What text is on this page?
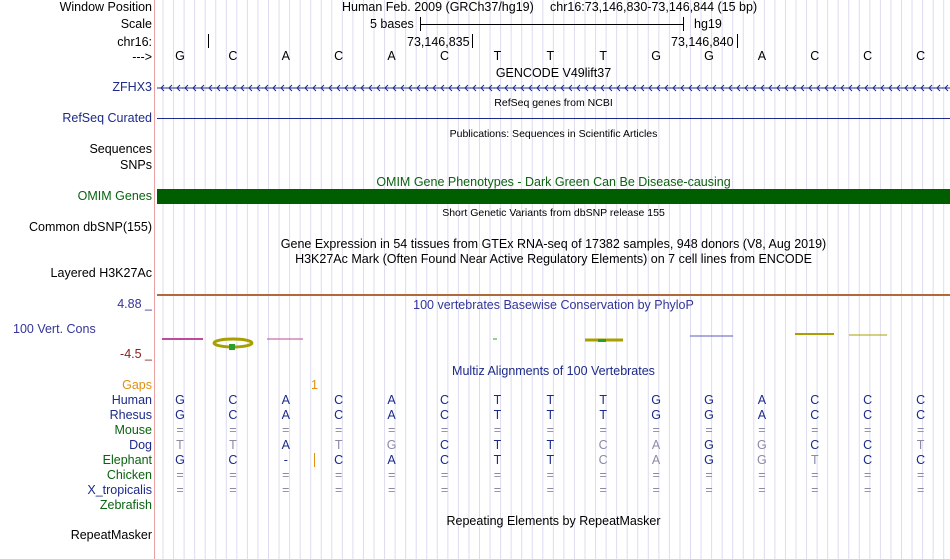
Window Position	Human Feb. 2009 (GRCh37/hg19) chr16:73,146,830-73,146,844 (15 bp)
Scale	5 bases	hg19
chr16:	73,146,835	73,146,840
--->	G	C	A	C	A	C	T	T	T	G	G	A	C	C	C
GENCODE V49lift37
ZFHX3
RefSeq genes from NCBI
RefSeq Curated
Publications: Sequences in Scientific Articles
Sequences
SNPs
OMIM Gene Phenotypes - Dark Green Can Be Disease-causing
OMIM Genes
Short Genetic Variants from dbSNP release 155
Common dbSNP(155)
Gene Expression in 54 tissues from GTEx RNA-seq of 17382 samples, 948 donors (V8, Aug 2019)
H3K27Ac Mark (Often Found Near Active Regulatory Elements) on 7 cell lines from ENCODE
Layered H3K27Ac
100 vertebrates Basewise Conservation by PhyloP
4.88 _
100 Vert. Cons
-4.5 _
Multiz Alignments of 100 Vertebrates
Gaps	1
Human	G	C	A	C	A	C	T	T	T	G	G	A	C	C	C
Rhesus	G	C	A	C	A	C	T	T	T	G	G	A	C	C	C
Mouse	=	=	=	=	=	=	=	=	=	=	=	=	=	=	=
Dog	T	T	A	T	G	C	T	T	C	A	G	G	C	C	T
Elephant	G	C	-	C	A	C	T	T	C	A	G	G	T	C	C
Chicken	=	=	=	=	=	=	=	=	=	=	=	=	=	=	=
X_tropicalis	=	=	=	=	=	=	=	=	=	=	=	=	=	=	=
Zebrafish
Repeating Elements by RepeatMasker
RepeatMasker
